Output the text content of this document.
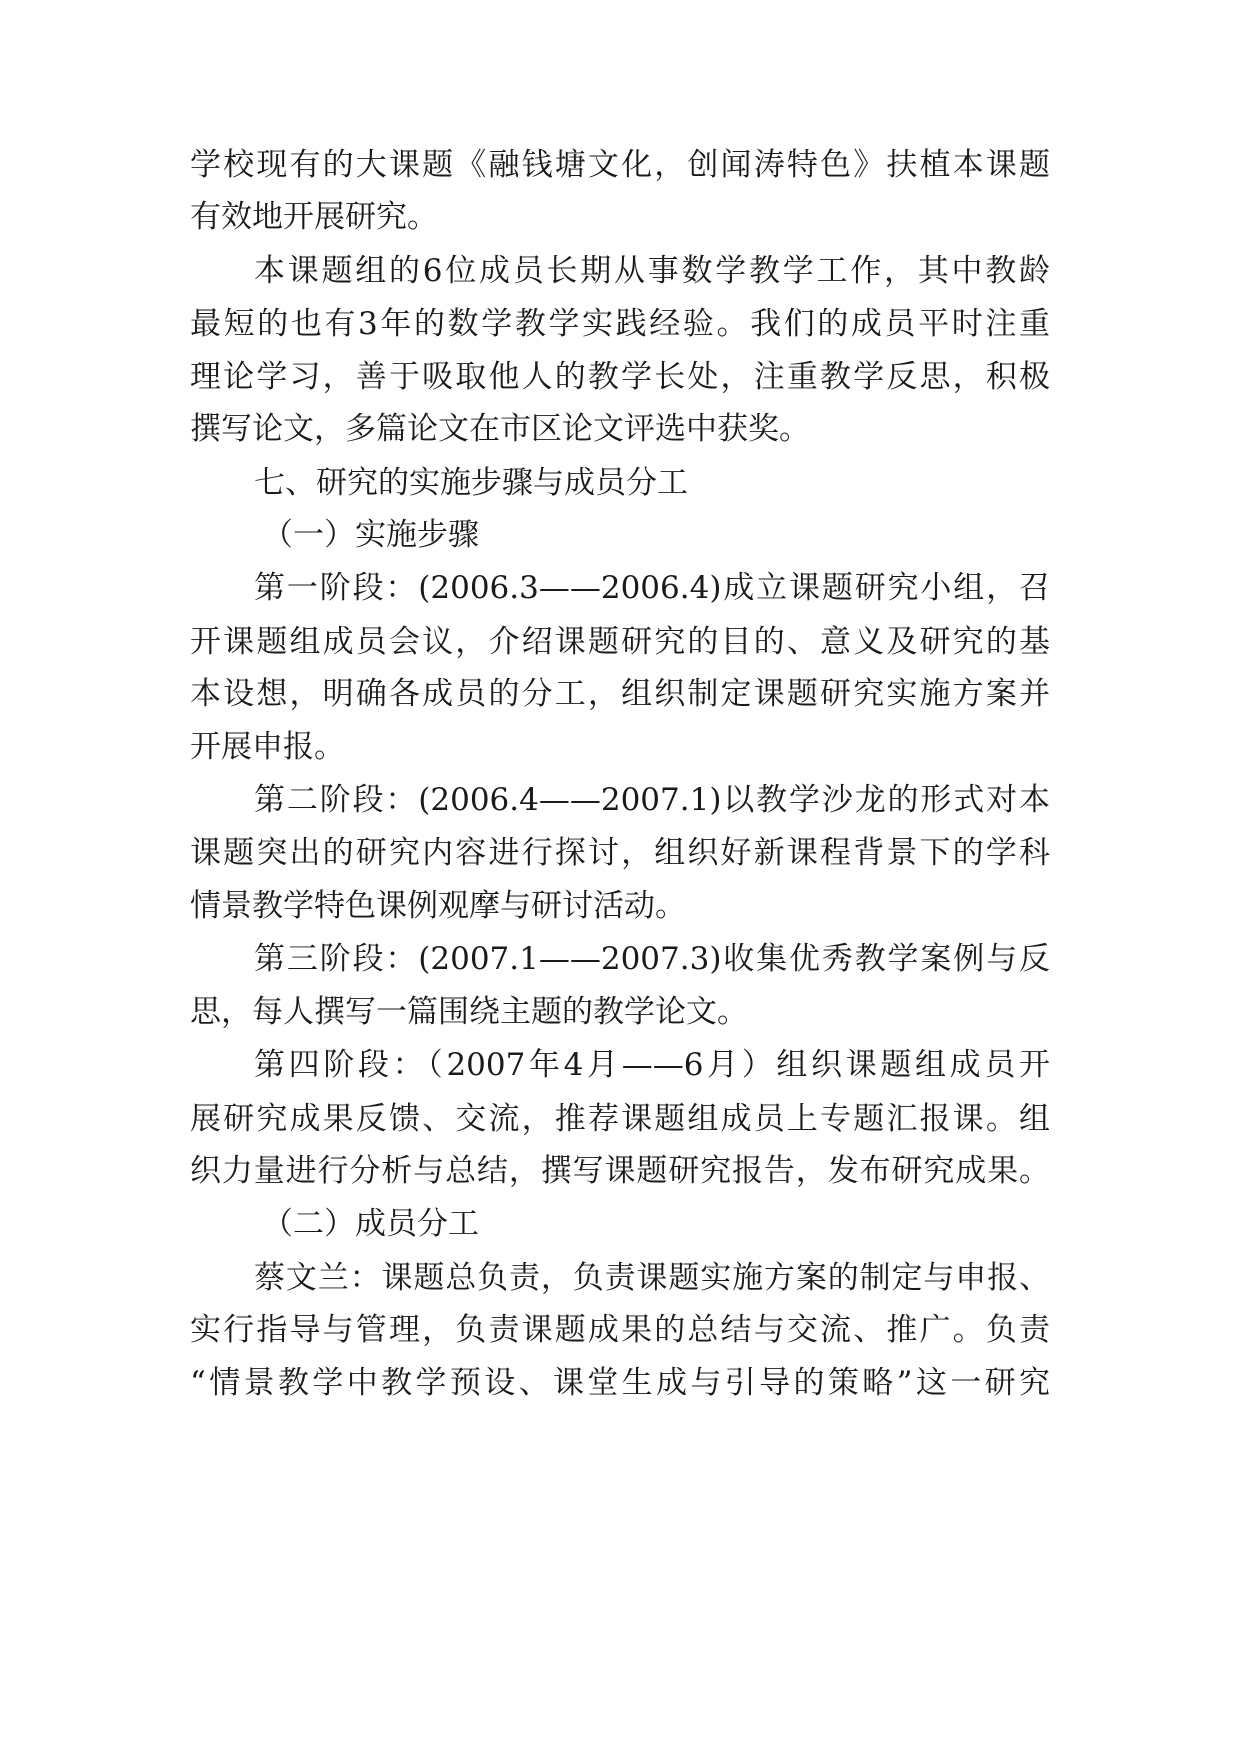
学校现有的大课题《融钱塘文化，创闻涛特色》扶植本课题
有效地开展研究。
本课题组的6位成员长期从事数学教学工作，其中教龄
最短的也有3年的数学教学实践经验。我们的成员平时注重
理论学习，善于吸取他人的教学长处，注重教学反思，积极
撰写论文，多篇论文在市区论文评选中获奖。
七、研究的实施步骤与成员分工
（一）实施步骤
第一阶段：(2006.3——2006.4)成立课题研究小组，召
开课题组成员会议，介绍课题研究的目的、意义及研究的基
本设想，明确各成员的分工，组织制定课题研究实施方案并
开展申报。
第二阶段：(2006.4——2007.1)以教学沙龙的形式对本
课题突出的研究内容进行探讨，组织好新课程背景下的学科
情景教学特色课例观摩与研讨活动。
第三阶段：(2007.1——2007.3)收集优秀教学案例与反
思，每人撰写一篇围绕主题的教学论文。
第四阶段：（2007年4月——6月）组织课题组成员开
展研究成果反馈、交流，推荐课题组成员上专题汇报课。组
织力量进行分析与总结，撰写课题研究报告，发布研究成果。
（二）成员分工
蔡文兰：课题总负责，负责课题实施方案的制定与申报、
实行指导与管理，负责课题成果的总结与交流、推广。负责
“情景教学中教学预设、课堂生成与引导的策略”这一研究
